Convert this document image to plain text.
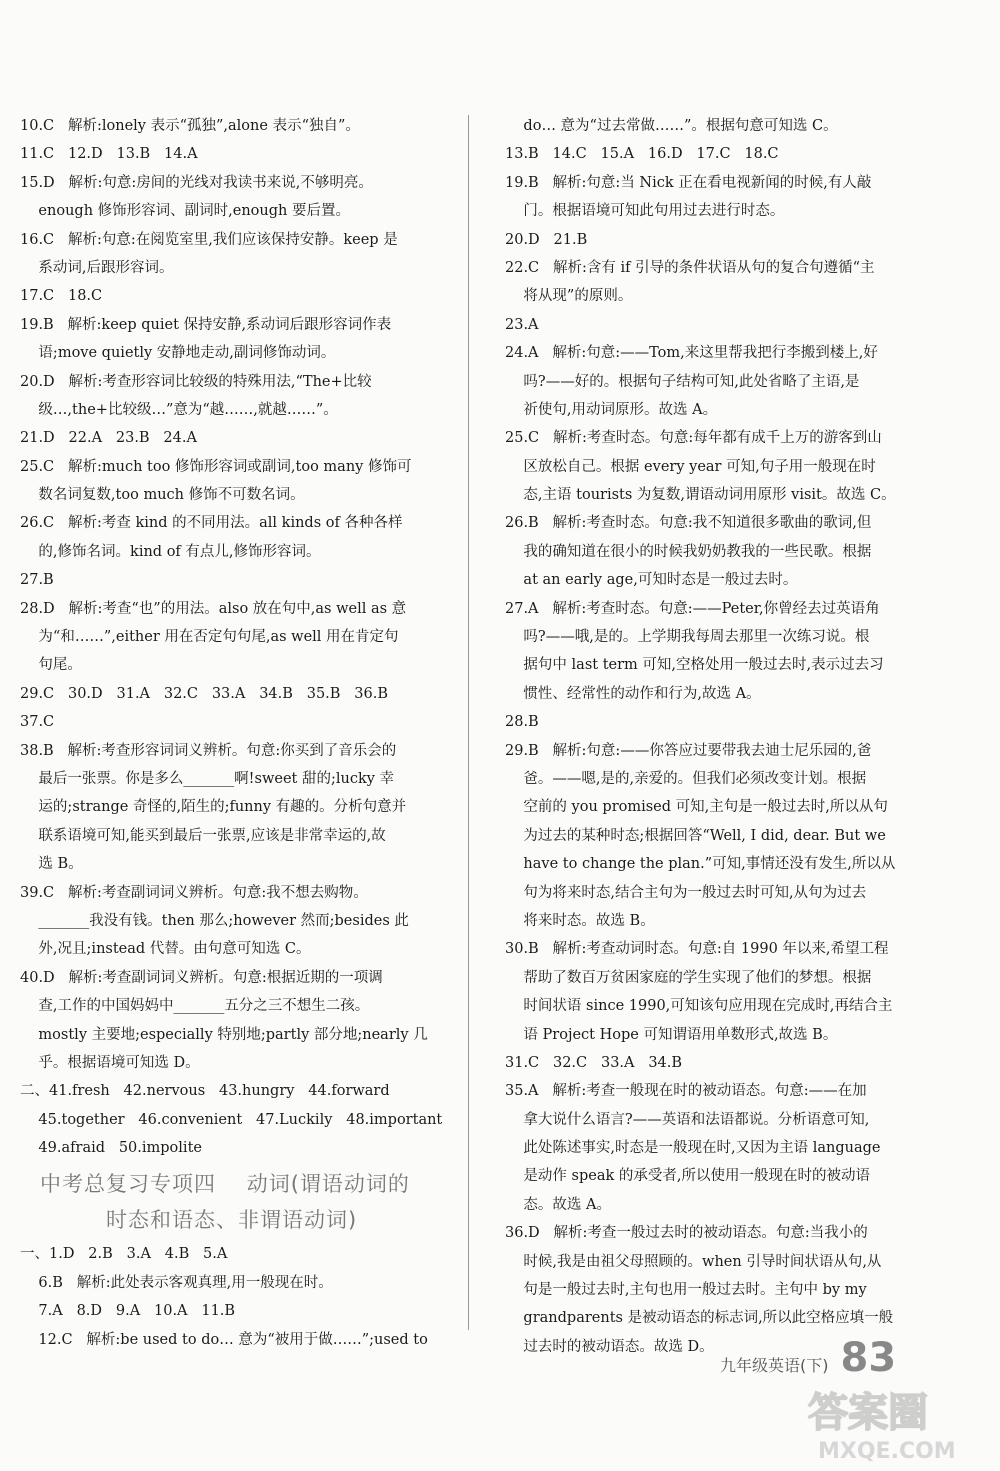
10.C   解析:lonely 表示“孤独”,alone 表示“独自”。
11.C   12.D   13.B   14.A
15.D   解析:句意:房间的光线对我读书来说,不够明亮。
enough 修饰形容词、副词时,enough 要后置。
16.C   解析:句意:在阅览室里,我们应该保持安静。keep 是
系动词,后跟形容词。
17.C   18.C
19.B   解析:keep quiet 保持安静,系动词后跟形容词作表
语;move quietly 安静地走动,副词修饰动词。
20.D   解析:考查形容词比较级的特殊用法,“The+比较
级…,the+比较级…”意为“越……,就越……”。
21.D   22.A   23.B   24.A
25.C   解析:much too 修饰形容词或副词,too many 修饰可
数名词复数,too much 修饰不可数名词。
26.C   解析:考查 kind 的不同用法。all kinds of 各种各样
的,修饰名词。kind of 有点儿,修饰形容词。
27.B
28.D   解析:考查“也”的用法。also 放在句中,as well as 意
为“和……”,either 用在否定句句尾,as well 用在肯定句
句尾。
29.C   30.D   31.A   32.C   33.A   34.B   35.B   36.B
37.C
38.B   解析:考查形容词词义辨析。句意:你买到了音乐会的
最后一张票。你是多么_______啊!sweet 甜的;lucky 幸
运的;strange 奇怪的,陌生的;funny 有趣的。分析句意并
联系语境可知,能买到最后一张票,应该是非常幸运的,故
选 B。
39.C   解析:考查副词词义辨析。句意:我不想去购物。
_______我没有钱。then 那么;however 然而;besides 此
外,况且;instead 代替。由句意可知选 C。
40.D   解析:考查副词词义辨析。句意:根据近期的一项调
查,工作的中国妈妈中_______五分之三不想生二孩。
mostly 主要地;especially 特别地;partly 部分地;nearly 几
乎。根据语境可知选 D。
二、41.fresh   42.nervous   43.hungry   44.forward
45.together   46.convenient   47.Luckily   48.important
49.afraid   50.impolite
中考总复习专项四    动词(谓语动词的
时态和语态、非谓语动词)
一、1.D   2.B   3.A   4.B   5.A
6.B   解析:此处表示客观真理,用一般现在时。
7.A   8.D   9.A   10.A   11.B
12.C   解析:be used to do… 意为“被用于做……”;used to
do… 意为“过去常做……”。根据句意可知选 C。
13.B   14.C   15.A   16.D   17.C   18.C
19.B   解析:句意:当 Nick 正在看电视新闻的时候,有人敲
门。根据语境可知此句用过去进行时态。
20.D   21.B
22.C   解析:含有 if 引导的条件状语从句的复合句遵循“主
将从现”的原则。
23.A
24.A   解析:句意:——Tom,来这里帮我把行李搬到楼上,好
吗?——好的。根据句子结构可知,此处省略了主语,是
祈使句,用动词原形。故选 A。
25.C   解析:考查时态。句意:每年都有成千上万的游客到山
区放松自己。根据 every year 可知,句子用一般现在时
态,主语 tourists 为复数,谓语动词用原形 visit。故选 C。
26.B   解析:考查时态。句意:我不知道很多歌曲的歌词,但
我的确知道在很小的时候我奶奶教我的一些民歌。根据
at an early age,可知时态是一般过去时。
27.A   解析:考查时态。句意:——Peter,你曾经去过英语角
吗?——哦,是的。上学期我每周去那里一次练习说。根
据句中 last term 可知,空格处用一般过去时,表示过去习
惯性、经常性的动作和行为,故选 A。
28.B
29.B   解析:句意:——你答应过要带我去迪士尼乐园的,爸
爸。——嗯,是的,亲爱的。但我们必须改变计划。根据
空前的 you promised 可知,主句是一般过去时,所以从句
为过去的某种时态;根据回答“Well, I did, dear. But we
have to change the plan.”可知,事情还没有发生,所以从
句为将来时态,结合主句为一般过去时可知,从句为过去
将来时态。故选 B。
30.B   解析:考查动词时态。句意:自 1990 年以来,希望工程
帮助了数百万贫困家庭的学生实现了他们的梦想。根据
时间状语 since 1990,可知该句应用现在完成时,再结合主
语 Project Hope 可知谓语用单数形式,故选 B。
31.C   32.C   33.A   34.B
35.A   解析:考查一般现在时的被动语态。句意:——在加
拿大说什么语言?——英语和法语都说。分析语意可知,
此处陈述事实,时态是一般现在时,又因为主语 language
是动作 speak 的承受者,所以使用一般现在时的被动语
态。故选 A。
36.D   解析:考查一般过去时的被动语态。句意:当我小的
时候,我是由祖父母照顾的。when 引导时间状语从句,从
句是一般过去时,主句也用一般过去时。主句中 by my
grandparents 是被动语态的标志词,所以此空格应填一般
过去时的被动语态。故选 D。
九年级英语(下) 83
答案圈
MXQE.COM
